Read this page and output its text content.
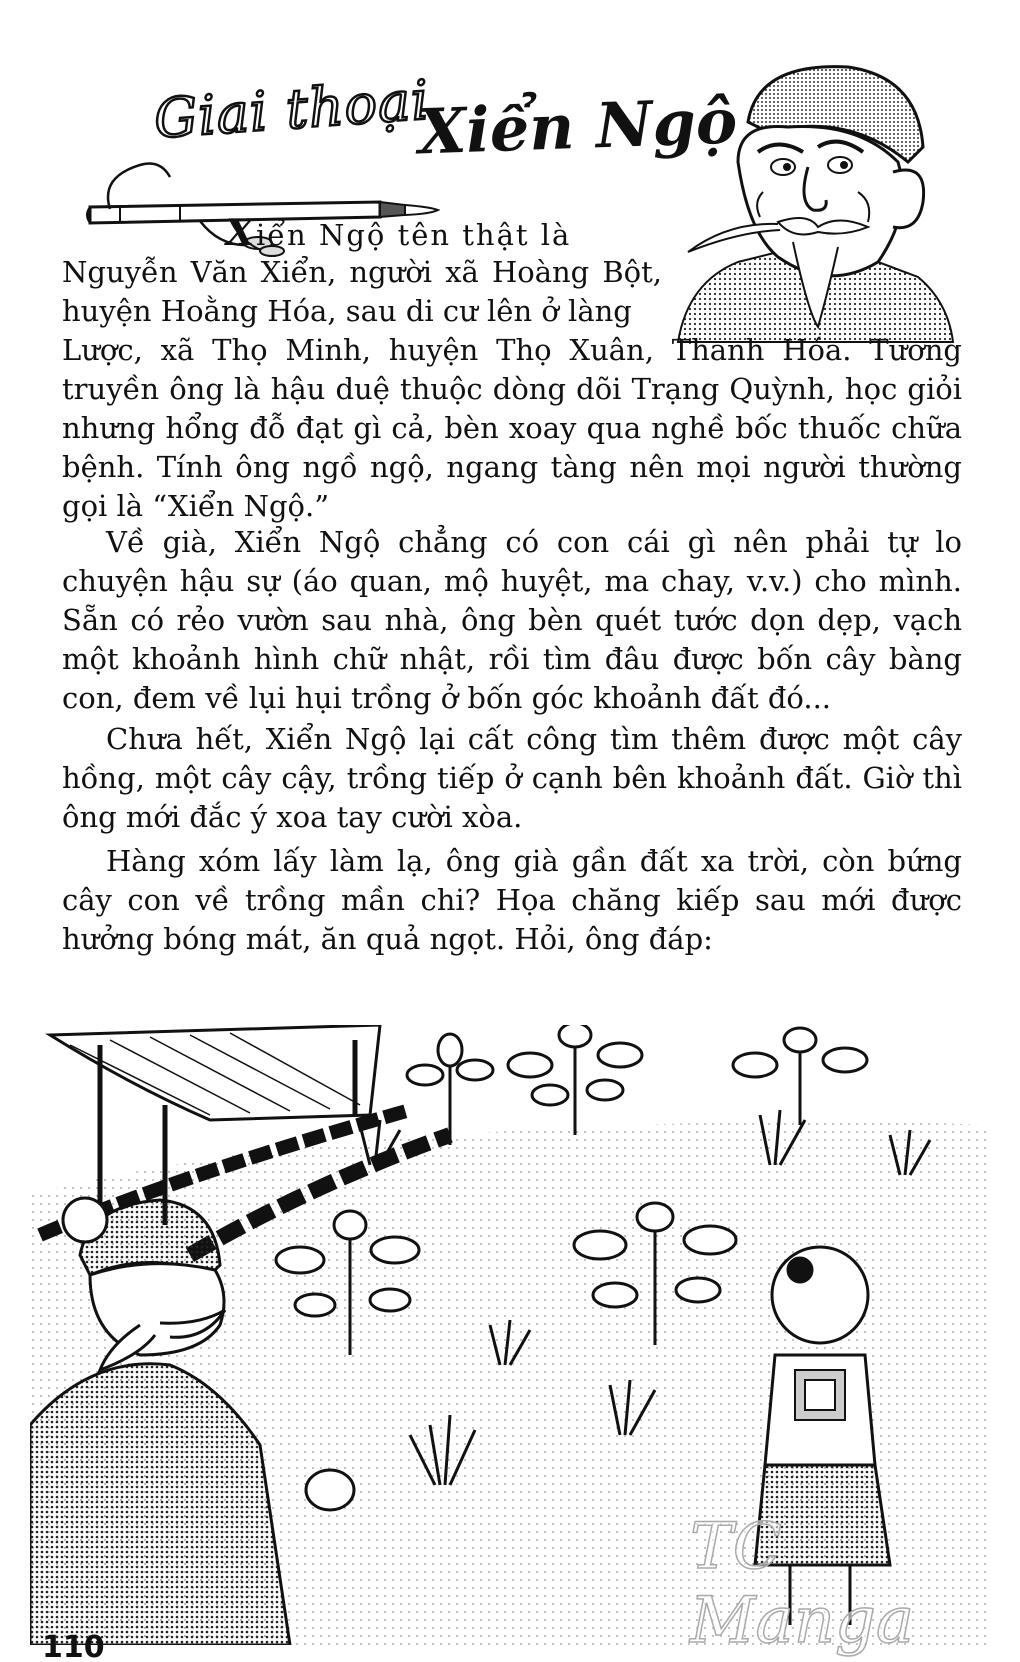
Giai thoại
Xiển Ngộ
Xiển Ngộ tên thật là
Nguyễn Văn Xiển, người xã Hoàng Bột, huyện Hoằng Hóa, sau di cư lên ở làng
Lược, xã Thọ Minh, huyện Thọ Xuân, Thanh Hóa. Tương truyền ông là hậu duệ thuộc dòng dõi Trạng Quỳnh, học giỏi nhưng hổng đỗ đạt gì cả, bèn xoay qua nghề bốc thuốc chữa bệnh. Tính ông ngồ ngộ, ngang tàng nên mọi người thường gọi là “Xiển Ngộ.”
Về già, Xiển Ngộ chẳng có con cái gì nên phải tự lo chuyện hậu sự (áo quan, mộ huyệt, ma chay, v.v.) cho mình. Sẵn có rẻo vườn sau nhà, ông bèn quét tước dọn dẹp, vạch một khoảnh hình chữ nhật, rồi tìm đâu được bốn cây bàng con, đem về lụi hụi trồng ở bốn góc khoảnh đất đó...
Chưa hết, Xiển Ngộ lại cất công tìm thêm được một cây hồng, một cây cậy, trồng tiếp ở cạnh bên khoảnh đất. Giờ thì ông mới đắc ý xoa tay cười xòa.
Hàng xóm lấy làm lạ, ông già gần đất xa trời, còn bứng cây con về trồng mần chi? Họa chăng kiếp sau mới được hưởng bóng mát, ăn quả ngọt. Hỏi, ông đáp:
TC Manga
110
